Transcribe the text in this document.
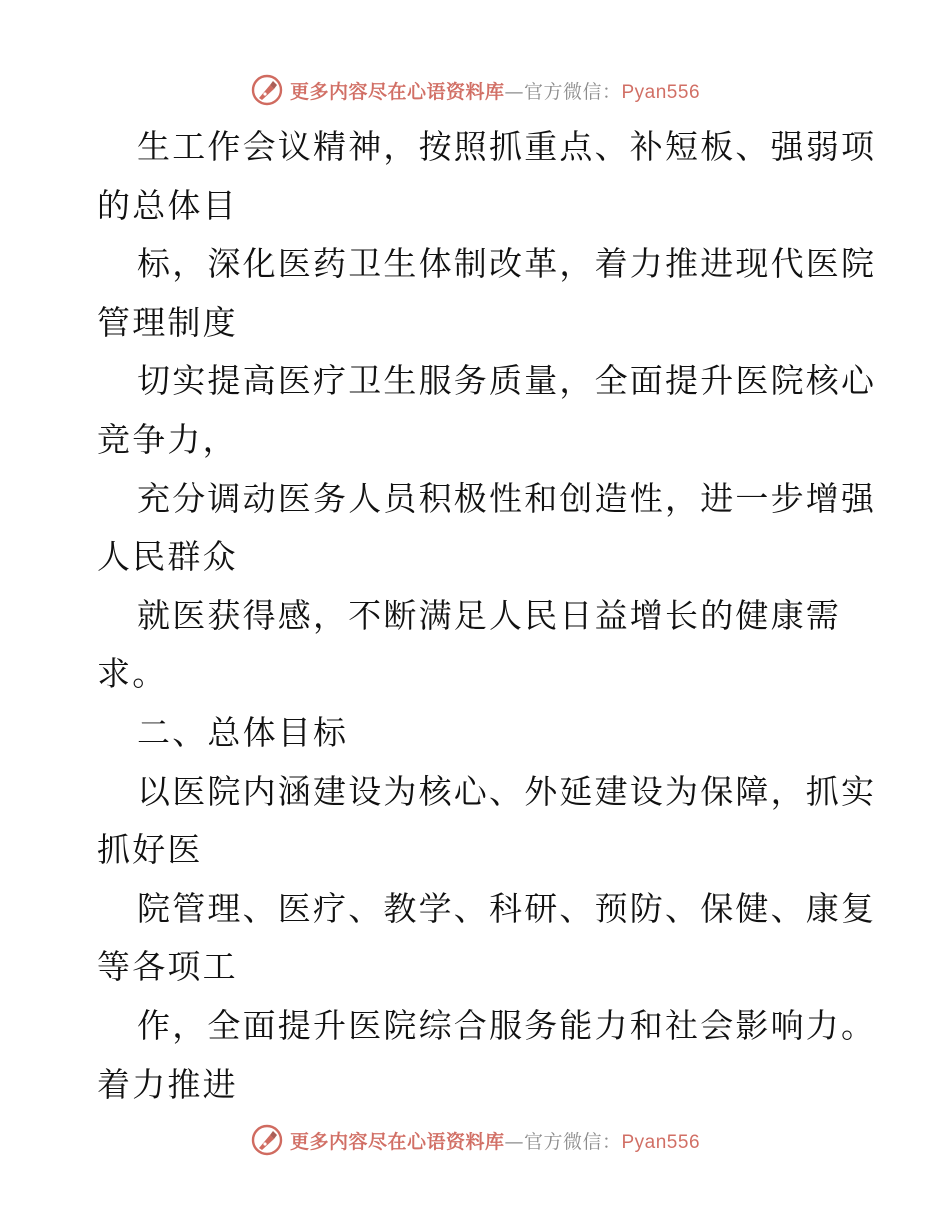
更多内容尽在心语资料库 —官方微信： Pyan556
生工作会议精神，按照抓重点、补短板、强弱项
的总体目
标，深化医药卫生体制改革，着力推进现代医院
管理制度
切实提高医疗卫生服务质量，全面提升医院核心
竞争力，
充分调动医务人员积极性和创造性，进一步增强
人民群众
就医获得感，不断满足人民日益增长的健康需
求。
二、总体目标
以医院内涵建设为核心、外延建设为保障，抓实
抓好医
院管理、医疗、教学、科研、预防、保健、康复
等各项工
作，全面提升医院综合服务能力和社会影响力。
着力推进
更多内容尽在心语资料库 —官方微信： Pyan556
